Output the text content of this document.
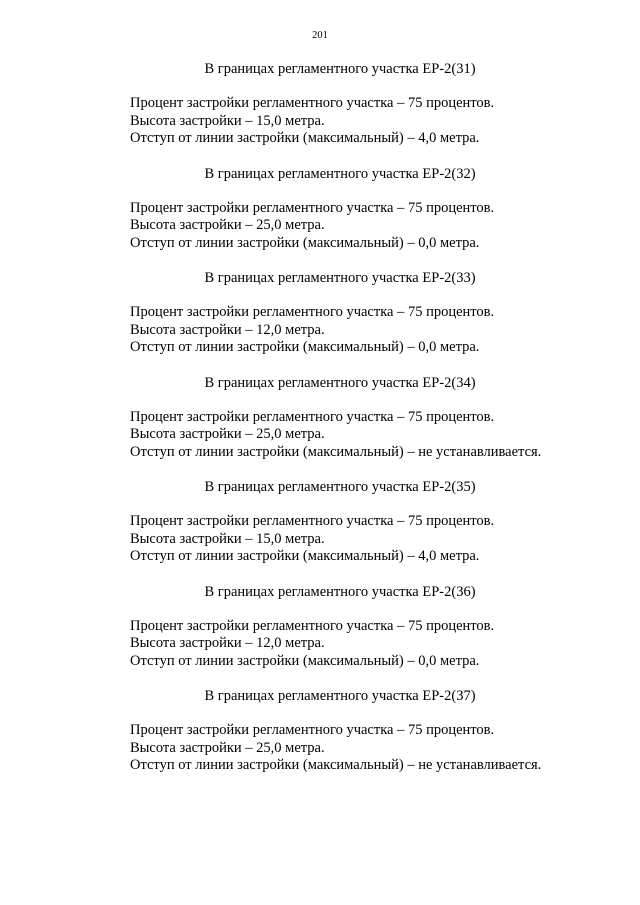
201
В границах регламентного участка ЕР-2(31)
Процент застройки регламентного участка – 75 процентов.
Высота застройки – 15,0 метра.
Отступ от линии застройки (максимальный) – 4,0 метра.
В границах регламентного участка ЕР-2(32)
Процент застройки регламентного участка – 75 процентов.
Высота застройки – 25,0 метра.
Отступ от линии застройки (максимальный) – 0,0 метра.
В границах регламентного участка ЕР-2(33)
Процент застройки регламентного участка – 75 процентов.
Высота застройки – 12,0 метра.
Отступ от линии застройки (максимальный) – 0,0 метра.
В границах регламентного участка ЕР-2(34)
Процент застройки регламентного участка – 75 процентов.
Высота застройки – 25,0 метра.
Отступ от линии застройки (максимальный) – не устанавливается.
В границах регламентного участка ЕР-2(35)
Процент застройки регламентного участка – 75 процентов.
Высота застройки – 15,0 метра.
Отступ от линии застройки (максимальный) – 4,0 метра.
В границах регламентного участка ЕР-2(36)
Процент застройки регламентного участка – 75 процентов.
Высота застройки – 12,0 метра.
Отступ от линии застройки (максимальный) – 0,0 метра.
В границах регламентного участка ЕР-2(37)
Процент застройки регламентного участка – 75 процентов.
Высота застройки – 25,0 метра.
Отступ от линии застройки (максимальный) – не устанавливается.
